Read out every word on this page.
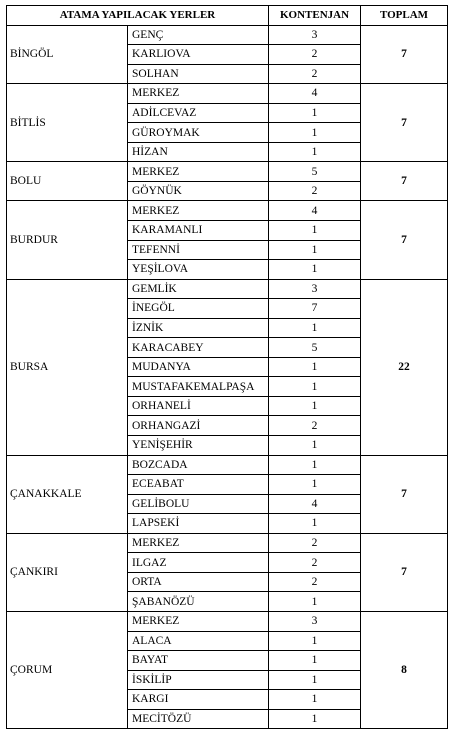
ATAMA YAPILACAK YERLER		KONTENJAN	TOPLAM
BİNGÖL	GENÇ	3	7
	KARLIOVA	2	
	SOLHAN	2	
BİTLİS	MERKEZ	4	7
	ADİLCEVAZ	1	
	GÜROYMAK	1	
	HİZAN	1	
BOLU	MERKEZ	5	7
	GÖYNÜK	2	
BURDUR	MERKEZ	4	7
	KARAMANLI	1	
	TEFENNİ	1	
	YEŞİLOVA	1	
BURSA	GEMLİK	3	22
	İNEGÖL	7	
	İZNİK	1	
	KARACABEY	5	
	MUDANYA	1	
	MUSTAFAKEMALPAŞA	1	
	ORHANELİ	1	
	ORHANGAZİ	2	
	YENİŞEHİR	1	
ÇANAKKALE	BOZCADA	1	7
	ECEABAT	1	
	GELİBOLU	4	
	LAPSEKİ	1	
ÇANKIRI	MERKEZ	2	7
	ILGAZ	2	
	ORTA	2	
	ŞABANÖZÜ	1	
ÇORUM	MERKEZ	3	8
	ALACA	1	
	BAYAT	1	
	İSKİLİP	1	
	KARGI	1	
	MECİTÖZÜ	1	
